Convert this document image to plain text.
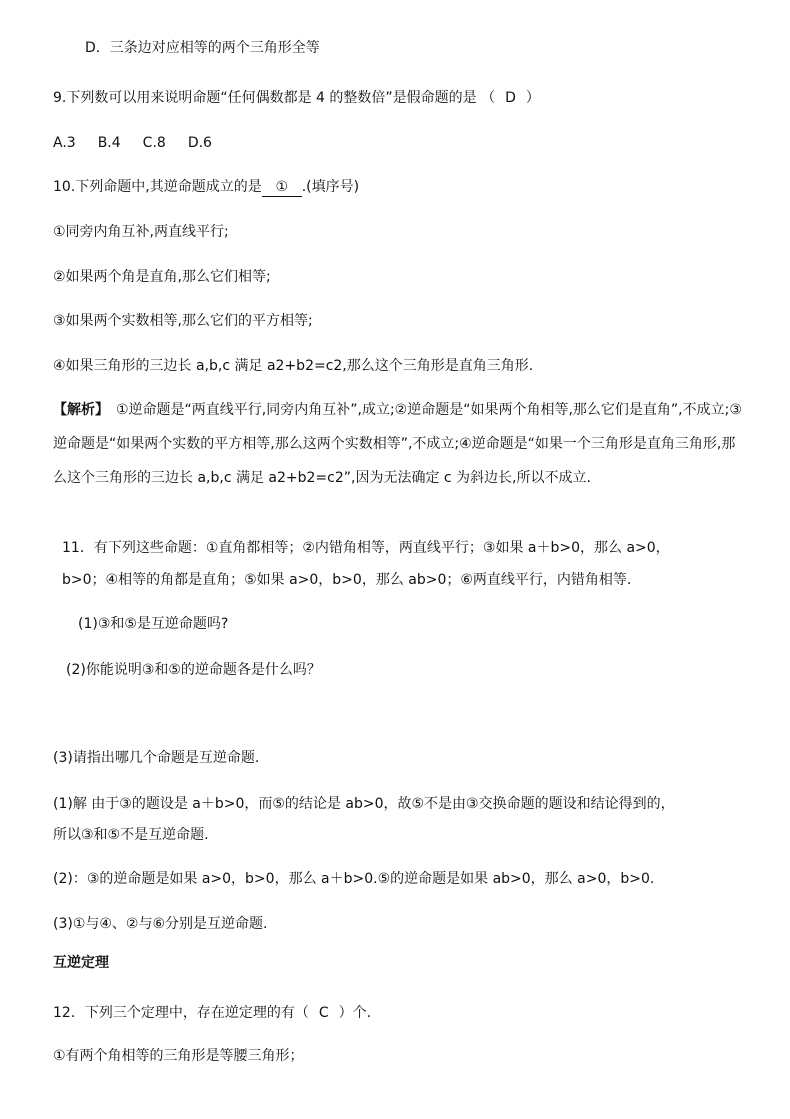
D．三条边对应相等的两个三角形全等
9.下列数可以用来说明命题“任何偶数都是 4 的整数倍”是假命题的是 （ D ）
A.3 B.4 C.8 D.6
10.下列命题中,其逆命题成立的是 ① .(填序号)
①同旁内角互补,两直线平行;
②如果两个角是直角,那么它们相等;
③如果两个实数相等,那么它们的平方相等;
④如果三角形的三边长 a,b,c 满足 a2+b2=c2,那么这个三角形是直角三角形.
【解析】　①逆命题是“两直线平行,同旁内角互补”,成立;②逆命题是“如果两个角相等,那么它们是直角”,不成立;③逆命题是“如果两个实数的平方相等,那么这两个实数相等”,不成立;④逆命题是“如果一个三角形是直角三角形,那么这个三角形的三边长 a,b,c 满足 a2+b2=c2”,因为无法确定 c 为斜边长,所以不成立.
11．有下列这些命题：①直角都相等；②内错角相等，两直线平行；③如果 a＋b>0，那么 a>0，
b>0；④相等的角都是直角；⑤如果 a>0，b>0，那么 ab>0；⑥两直线平行，内错角相等.
(1)③和⑤是互逆命题吗?
(2)你能说明③和⑤的逆命题各是什么吗？
(3)请指出哪几个命题是互逆命题.
(1)解 由于③的题设是 a＋b>0，而⑤的结论是 ab>0，故⑤不是由③交换命题的题设和结论得到的，
所以③和⑤不是互逆命题.
(2)：③的逆命题是如果 a>0，b>0，那么 a＋b>0.⑤的逆命题是如果 ab>0，那么 a>0，b>0.
(3)①与④、②与⑥分别是互逆命题.
互逆定理
12．下列三个定理中，存在逆定理的有（ C ）个.
①有两个角相等的三角形是等腰三角形；
